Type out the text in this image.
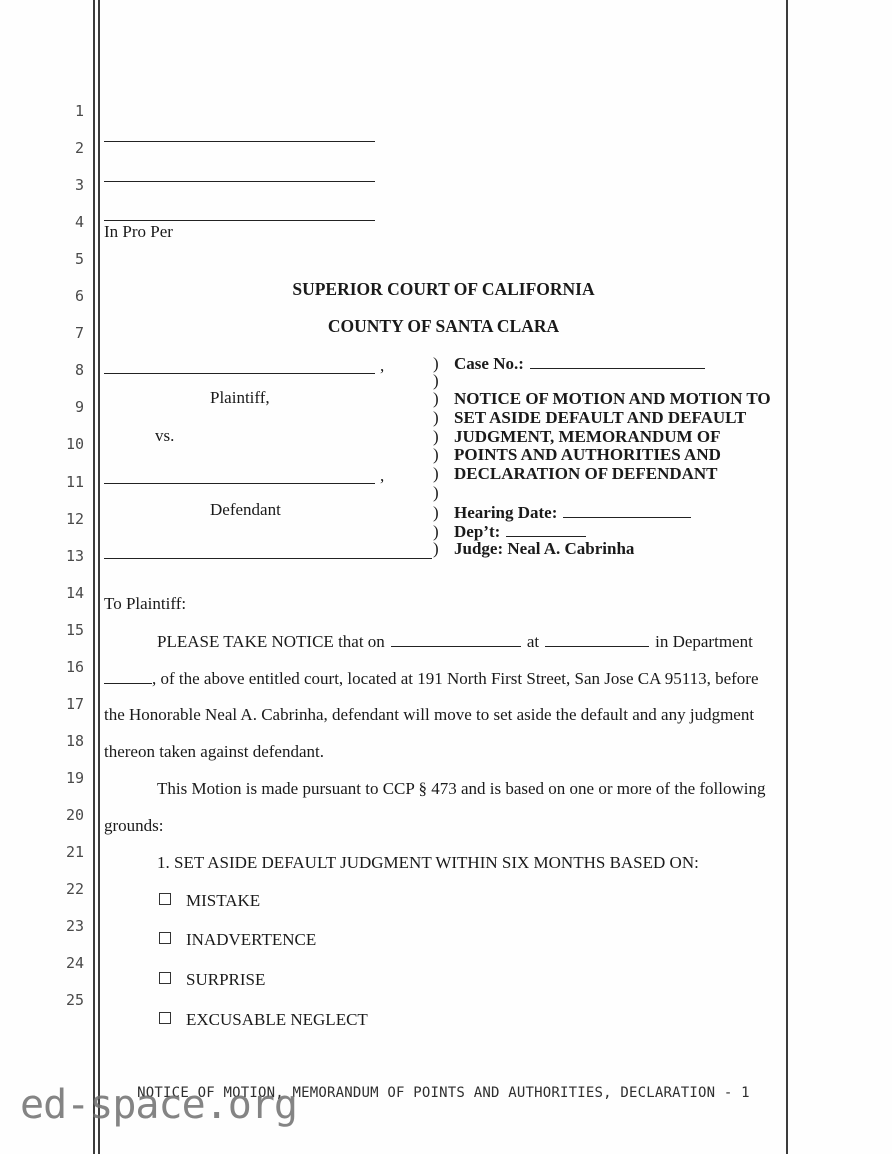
1
2
3
4
5
6
7
8
9
10
11
12
13
14
15
16
17
18
19
20
21
22
23
24
25
In Pro Per
SUPERIOR COURT OF CALIFORNIA
COUNTY OF SANTA CLARA
,
Plaintiff,
vs.
,
Defendant
) Case No.:
)
) NOTICE OF MOTION AND MOTION TO
) SET ASIDE DEFAULT AND DEFAULT
) JUDGMENT, MEMORANDUM OF
) POINTS AND AUTHORITIES AND
) DECLARATION OF DEFENDANT
)
) Hearing Date:
) Dep’t:
) Judge: Neal A. Cabrinha
To Plaintiff:
PLEASE TAKE NOTICE that on	at	in Department
, of the above entitled court, located at 191 North First Street, San Jose CA 95113, before
the Honorable Neal A. Cabrinha, defendant will move to set aside the default and any judgment
thereon taken against defendant.
This Motion is made pursuant to CCP § 473 and is based on one or more of the following
grounds:
1. SET ASIDE DEFAULT JUDGMENT WITHIN SIX MONTHS BASED ON:
MISTAKE
INADVERTENCE
SURPRISE
EXCUSABLE NEGLECT
NOTICE OF MOTION, MEMORANDUM OF POINTS AND AUTHORITIES, DECLARATION - 1
ed-space.org
